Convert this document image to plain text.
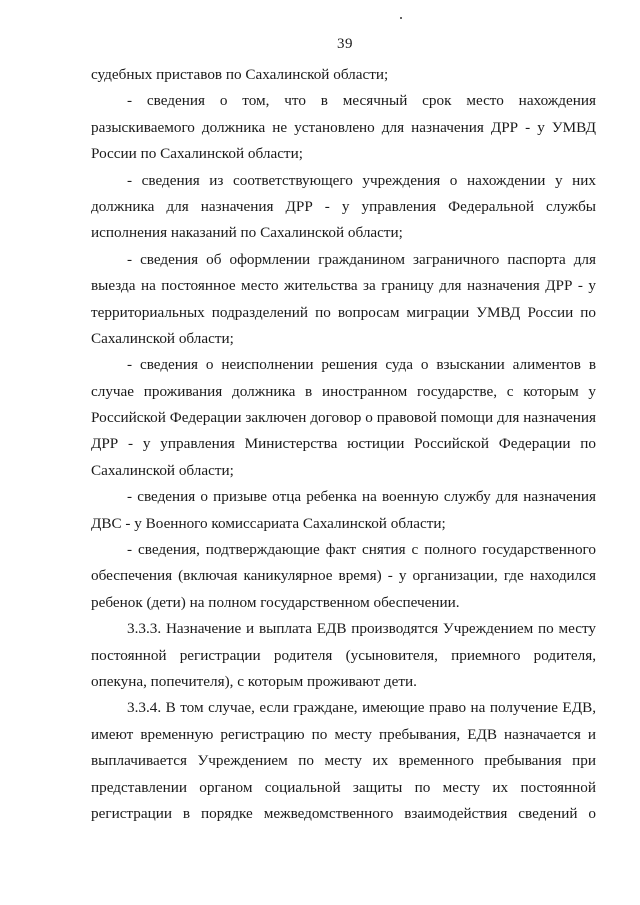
39
судебных приставов по Сахалинской области;
- сведения о том, что в месячный срок место нахождения
разыскиваемого должника не установлено для назначения ДРР - у УМВД
России по Сахалинской области;
- сведения из соответствующего учреждения о нахождении у них
должника для назначения ДРР - у управления Федеральной службы
исполнения наказаний по Сахалинской области;
- сведения об оформлении гражданином заграничного паспорта для
выезда на постоянное место жительства за границу для назначения ДРР - у
территориальных подразделений по вопросам миграции УМВД России по
Сахалинской области;
- сведения о неисполнении решения суда о взыскании алиментов в
случае проживания должника в иностранном государстве, с которым у
Российской Федерации заключен договор о правовой помощи для назначения
ДРР - у управления Министерства юстиции Российской Федерации по
Сахалинской области;
- сведения о призыве отца ребенка на военную службу для назначения
ДВС - у Военного комиссариата Сахалинской области;
- сведения, подтверждающие факт снятия с полного государственного
обеспечения (включая каникулярное время) - у организации, где находился
ребенок (дети) на полном государственном обеспечении.
3.3.3. Назначение и выплата ЕДВ производятся Учреждением по месту
постоянной регистрации родителя (усыновителя, приемного родителя,
опекуна, попечителя), с которым проживают дети.
3.3.4. В том случае, если граждане, имеющие право на получение ЕДВ,
имеют временную регистрацию по месту пребывания, ЕДВ назначается и
выплачивается Учреждением по месту их временного пребывания при
представлении органом социальной защиты по месту их постоянной
регистрации в порядке межведомственного взаимодействия сведений о
